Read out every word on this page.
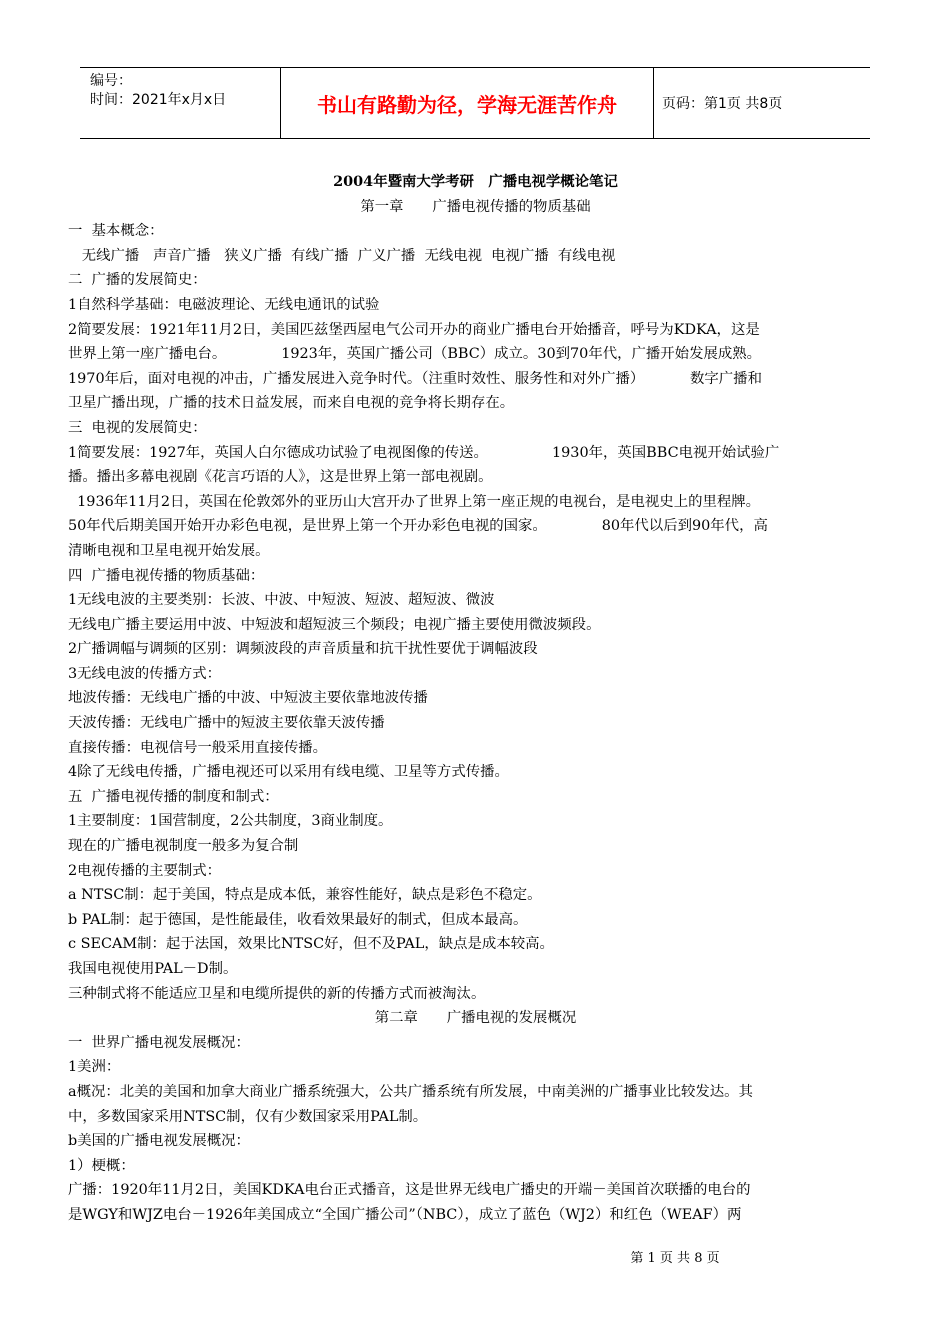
编号：
时间：2021年x月x日	书山有路勤为径，学海无涯苦作舟	页码：第1页 共8页

2004年暨南大学考研　广播电视学概论笔记

第一章　　广播电视传播的物质基础

一  基本概念：

无线广播   声音广播   狭义广播  有线广播  广义广播  无线电视  电视广播  有线电视

二  广播的发展简史：

1自然科学基础：电磁波理论、无线电通讯的试验

2简要发展：1921年11月2日，美国匹兹堡西屋电气公司开办的商业广播电台开始播音，呼号为KDKA，这是

世界上第一座广播电台。            1923年，英国广播公司（BBC）成立。30到70年代，广播开始发展成熟。

1970年后，面对电视的冲击，广播发展进入竞争时代。（注重时效性、服务性和对外广播）          数字广播和

卫星广播出现，广播的技术日益发展，而来自电视的竞争将长期存在。

三  电视的发展简史：

1简要发展：1927年，英国人白尔德成功试验了电视图像的传送。              1930年，英国BBC电视开始试验广

播。播出多幕电视剧《花言巧语的人》，这是世界上第一部电视剧。

1936年11月2日，英国在伦敦郊外的亚历山大宫开办了世界上第一座正规的电视台，是电视史上的里程牌。

50年代后期美国开始开办彩色电视，是世界上第一个开办彩色电视的国家。            80年代以后到90年代，高

清晰电视和卫星电视开始发展。

四  广播电视传播的物质基础：

1无线电波的主要类别：长波、中波、中短波、短波、超短波、微波

无线电广播主要运用中波、中短波和超短波三个频段；电视广播主要使用微波频段。

2广播调幅与调频的区别：调频波段的声音质量和抗干扰性要优于调幅波段

3无线电波的传播方式：

地波传播：无线电广播的中波、中短波主要依靠地波传播

天波传播：无线电广播中的短波主要依靠天波传播

直接传播：电视信号一般采用直接传播。

4除了无线电传播，广播电视还可以采用有线电缆、卫星等方式传播。

五  广播电视传播的制度和制式：

1主要制度：1国营制度，2公共制度，3商业制度。

现在的广播电视制度一般多为复合制

2电视传播的主要制式：

a NTSC制：起于美国，特点是成本低，兼容性能好，缺点是彩色不稳定。

b PAL制：起于德国，是性能最佳，收看效果最好的制式，但成本最高。

c SECAM制：起于法国，效果比NTSC好，但不及PAL，缺点是成本较高。

我国电视使用PAL－D制。

三种制式将不能适应卫星和电缆所提供的新的传播方式而被淘汰。

第二章　　广播电视的发展概况

一  世界广播电视发展概况：

1美洲：

a概况：北美的美国和加拿大商业广播系统强大，公共广播系统有所发展，中南美洲的广播事业比较发达。其

中，多数国家采用NTSC制，仅有少数国家采用PAL制。

b美国的广播电视发展概况：

1）梗概：

广播：1920年11月2日，美国KDKA电台正式播音，这是世界无线电广播史的开端－美国首次联播的电台的

是WGY和WJZ电台－1926年美国成立“全国广播公司”（NBC），成立了蓝色（WJ2）和红色（WEAF）两

第 1 页 共 8 页
